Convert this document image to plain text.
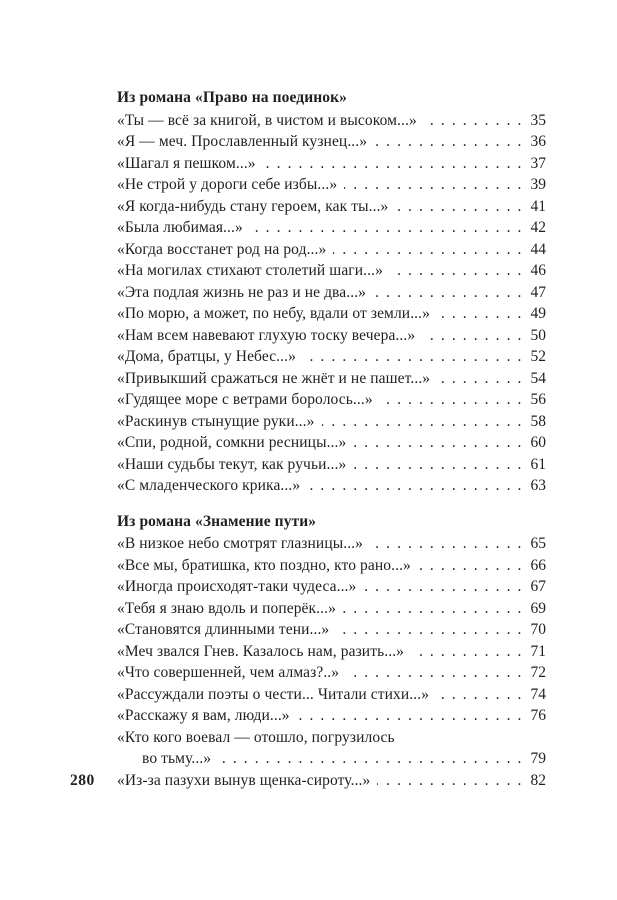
Из романа «Право на поединок»
«Ты — всё за книгой, в чистом и высоком...» . . .	35
«Я — меч. Прославленный кузнец...» . . .	36
«Шагал я пешком...» . . .	37
«Не строй у дороги себе избы...» . . .	39
«Я когда-нибудь стану героем, как ты...» . . .	41
«Была любимая...» . . .	42
«Когда восстанет род на род...» . . .	44
«На могилах стихают столетий шаги...» . . .	46
«Эта подлая жизнь не раз и не два...» . . .	47
«По морю, а может, по небу, вдали от земли...» . . .	49
«Нам всем навевают глухую тоску вечера...» . . .	50
«Дома, братцы, у Небес...» . . .	52
«Привыкший сражаться не жнёт и не пашет...» . . .	54
«Гудящее море с ветрами боролось...» . . .	56
«Раскинув стынущие руки...» . . .	58
«Спи, родной, сомкни ресницы...» . . .	60
«Наши судьбы текут, как ручьи...» . . .	61
«С младенческого крика...» . . .	63
Из романа «Знамение пути»
«В низкое небо смотрят глазницы...» . . .	65
«Все мы, братишка, кто поздно, кто рано...» . . .	66
«Иногда происходят-таки чудеса...» . . .	67
«Тебя я знаю вдоль и поперёк...» . . .	69
«Становятся длинными тени...» . . .	70
«Меч звался Гнев. Казалось нам, разить...» . . .	71
«Что совершенней, чем алмаз?..» . . .	72
«Рассуждали поэты о чести... Читали стихи...» . . .	74
«Расскажу я вам, люди...» . . .	76
«Кто кого воевал — отошло, погрузилось
во тьму...» . . .	79
«Из-за пазухи вынув щенка-сироту...» . . .	82
280
